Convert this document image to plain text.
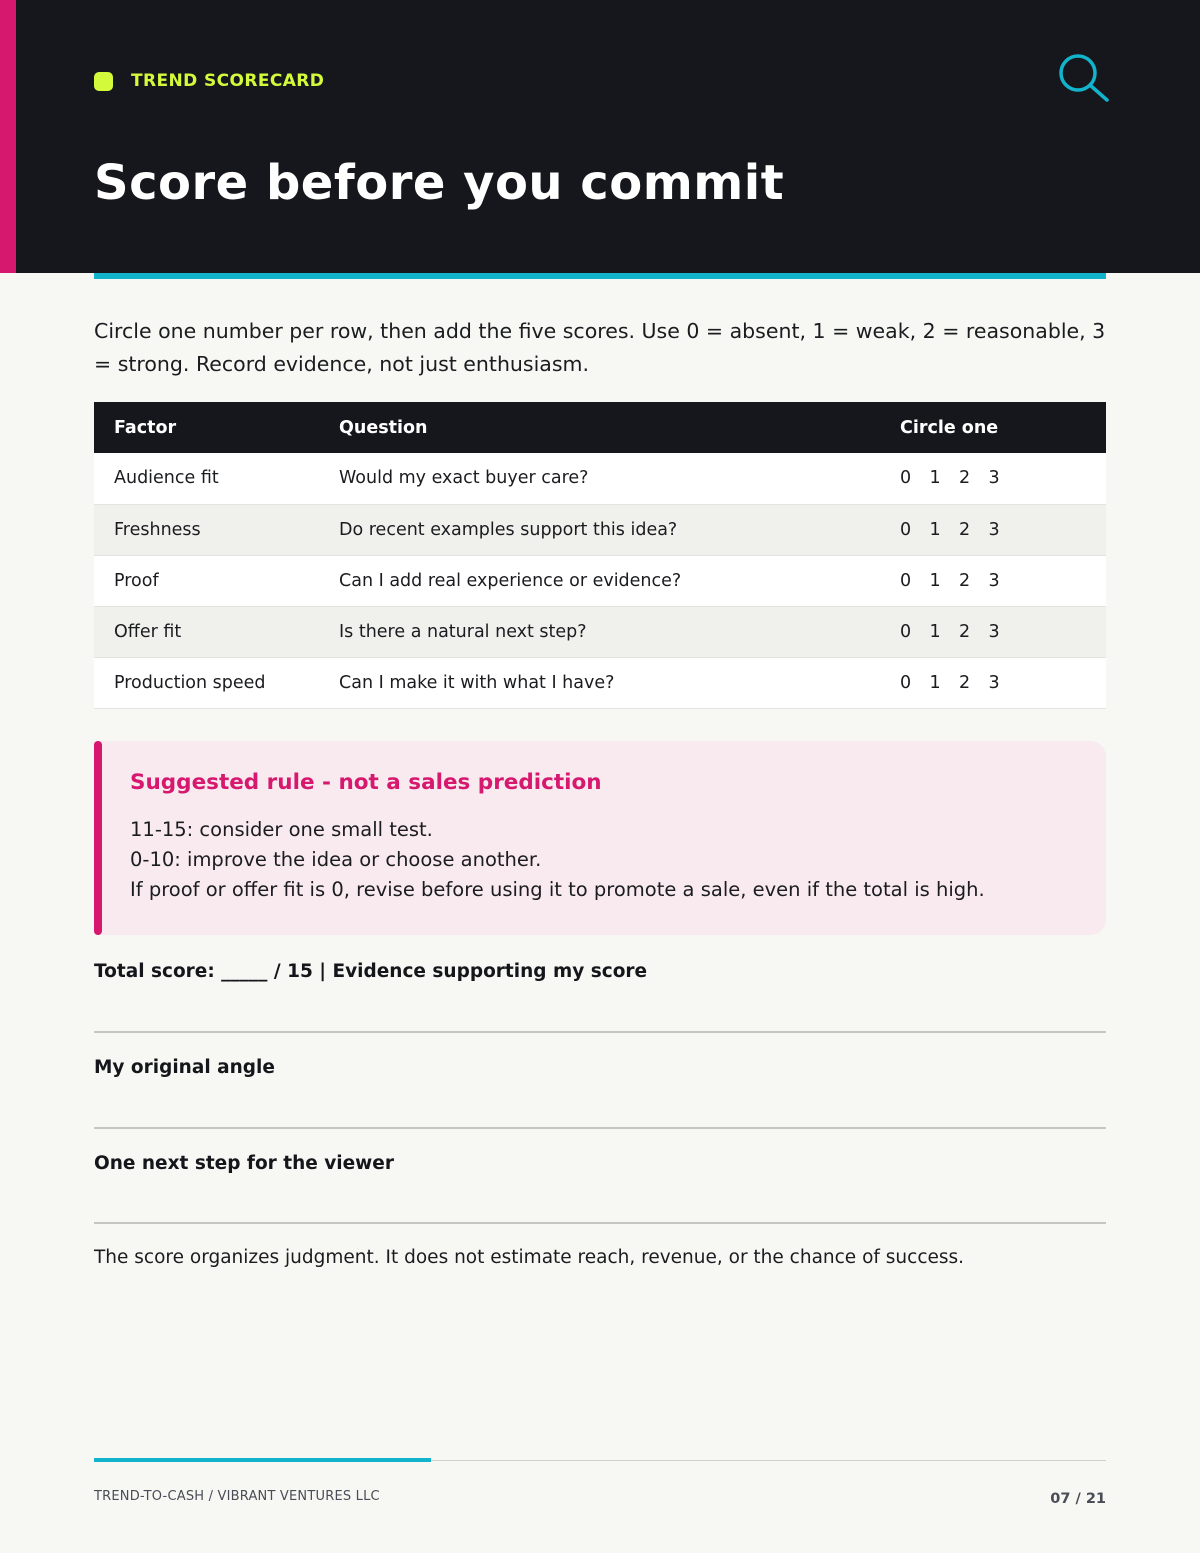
TREND SCORECARD
Score before you commit

Circle one number per row, then add the five scores. Use 0 = absent, 1 = weak, 2 = reasonable, 3 = strong. Record evidence, not just enthusiasm.

Factor	Question	Circle one
Audience fit	Would my exact buyer care?	0 1 2 3

Freshness	Do recent examples support this idea?	0 1 2 3

Proof	Can I add real experience or evidence?	0 1 2 3

Offer fit	Is there a natural next step?	0 1 2 3

Production speed	Can I make it with what I have?	0 1 2 3
Suggested rule - not a sales prediction
11-15: consider one small test.
0-10: improve the idea or choose another.
If proof or offer fit is 0, revise before using it to promote a sale, even if the total is high.
Total score: _____ / 15 | Evidence supporting my score
My original angle
One next step for the viewer

The score organizes judgment. It does not estimate reach, revenue, or the chance of success.

TREND-TO-CASH / VIBRANT VENTURES LLC	07 / 21
